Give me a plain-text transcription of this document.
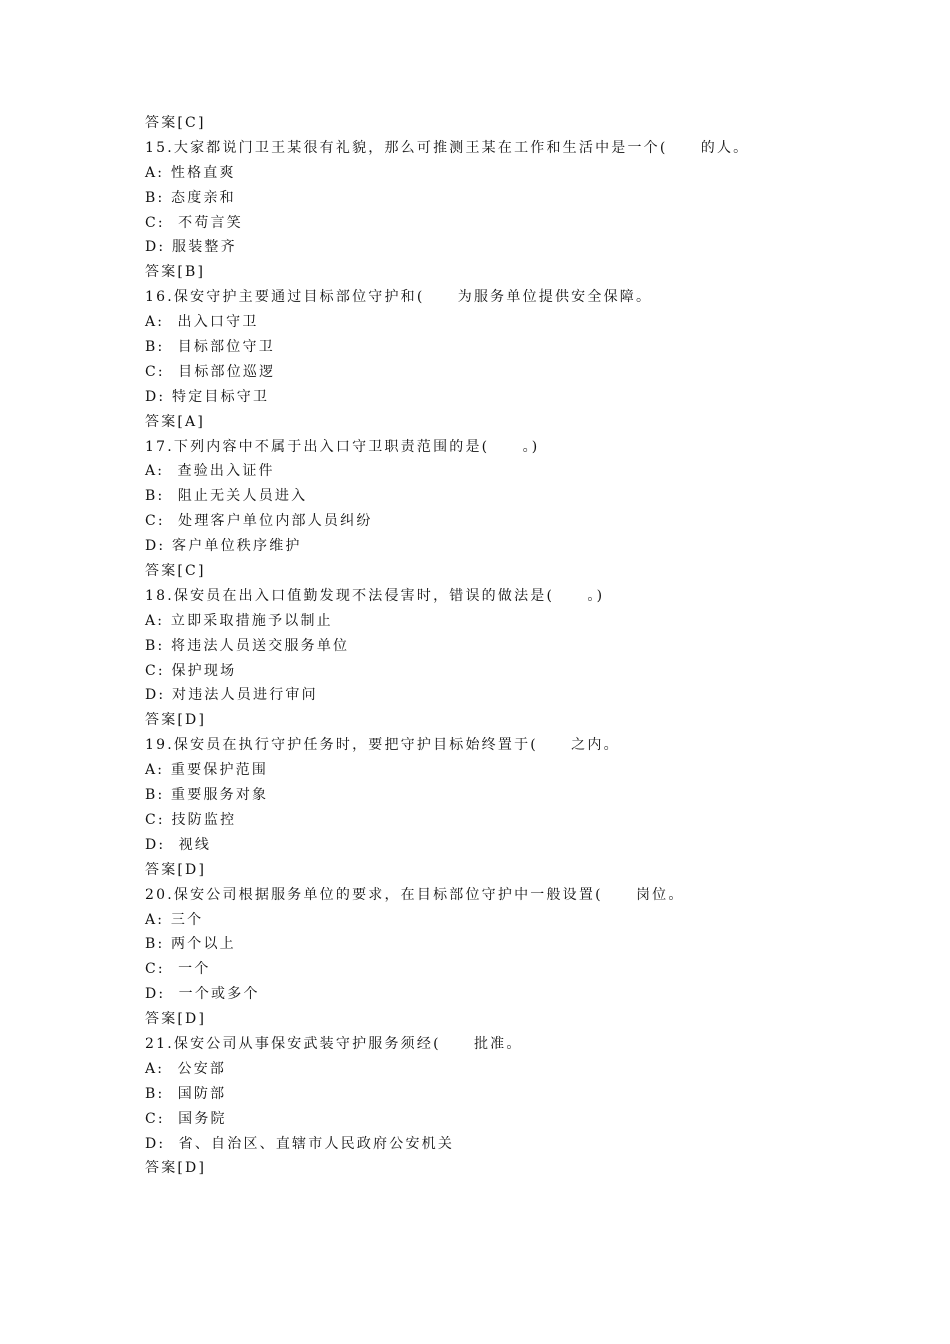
答案[C]
15.大家都说门卫王某很有礼貌，那么可推测王某在工作和生活中是一个(     的人。
A: 性格直爽
B: 态度亲和
C:  不苟言笑
D: 服装整齐
答案[B]
16.保安守护主要通过目标部位守护和(     为服务单位提供安全保障。
A:  出入口守卫
B:  目标部位守卫
C:  目标部位巡逻
D: 特定目标守卫
答案[A]
17.下列内容中不属于出入口守卫职责范围的是(     。)
A:  查验出入证件
B:  阻止无关人员进入
C:  处理客户单位内部人员纠纷
D: 客户单位秩序维护
答案[C]
18.保安员在出入口值勤发现不法侵害时，错误的做法是(     。)
A: 立即采取措施予以制止
B: 将违法人员送交服务单位
C: 保护现场
D: 对违法人员进行审问
答案[D]
19.保安员在执行守护任务时，要把守护目标始终置于(     之内。
A: 重要保护范围
B: 重要服务对象
C: 技防监控
D:  视线
答案[D]
20.保安公司根据服务单位的要求，在目标部位守护中一般设置(     岗位。
A: 三个
B: 两个以上
C:  一个
D:  一个或多个
答案[D]
21.保安公司从事保安武装守护服务须经(     批准。
A:  公安部
B:  国防部
C:  国务院
D:  省、自治区、直辖市人民政府公安机关
答案[D]
